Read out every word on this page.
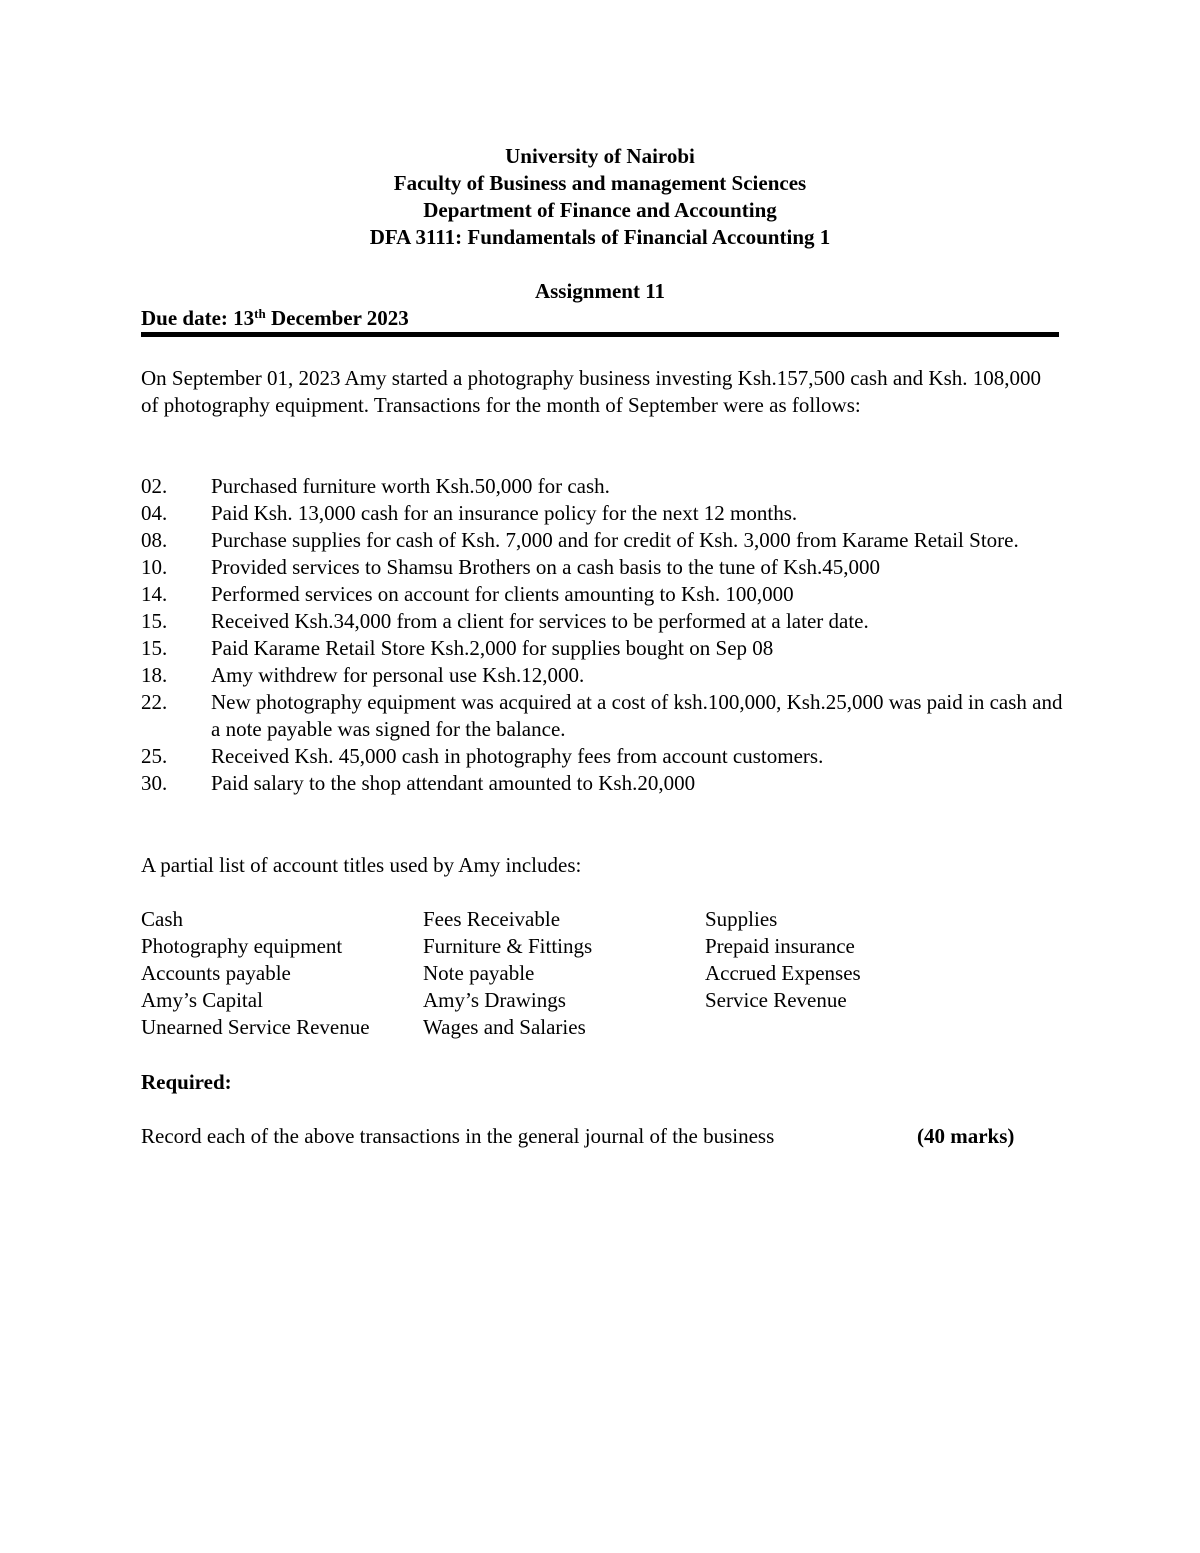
University of Nairobi
Faculty of Business and management Sciences
Department of Finance and Accounting
DFA 3111: Fundamentals of Financial Accounting 1
Assignment 11
Due date: 13th December 2023
On September 01, 2023 Amy started a photography business investing Ksh.157,500 cash and Ksh. 108,000 of photography equipment. Transactions for the month of September were as follows:
02.	Purchased furniture worth Ksh.50,000 for cash.
04.	Paid Ksh. 13,000 cash for an insurance policy for the next 12 months.
08.	Purchase supplies for cash of Ksh. 7,000 and for credit of Ksh. 3,000 from Karame Retail Store.
10.	Provided services to Shamsu Brothers on a cash basis to the tune of Ksh.45,000
14.	Performed services on account for clients amounting to Ksh. 100,000
15.	Received Ksh.34,000 from a client for services to be performed at a later date.
15.	Paid Karame Retail Store Ksh.2,000 for supplies bought on Sep 08
18.	Amy withdrew for personal use Ksh.12,000.
22.	New photography equipment was acquired at a cost of ksh.100,000, Ksh.25,000 was paid in cash and a note payable was signed for the balance.
25.	Received Ksh. 45,000 cash in photography fees from account customers.
30.	Paid salary to the shop attendant amounted to Ksh.20,000
A partial list of account titles used by Amy includes:
Cash	Fees Receivable	Supplies
Photography equipment	Furniture & Fittings	Prepaid insurance
Accounts payable	Note payable	Accrued Expenses
Amy’s Capital	Amy’s Drawings	Service Revenue
Unearned Service Revenue	Wages and Salaries
Required:
Record each of the above transactions in the general journal of the business	(40 marks)
